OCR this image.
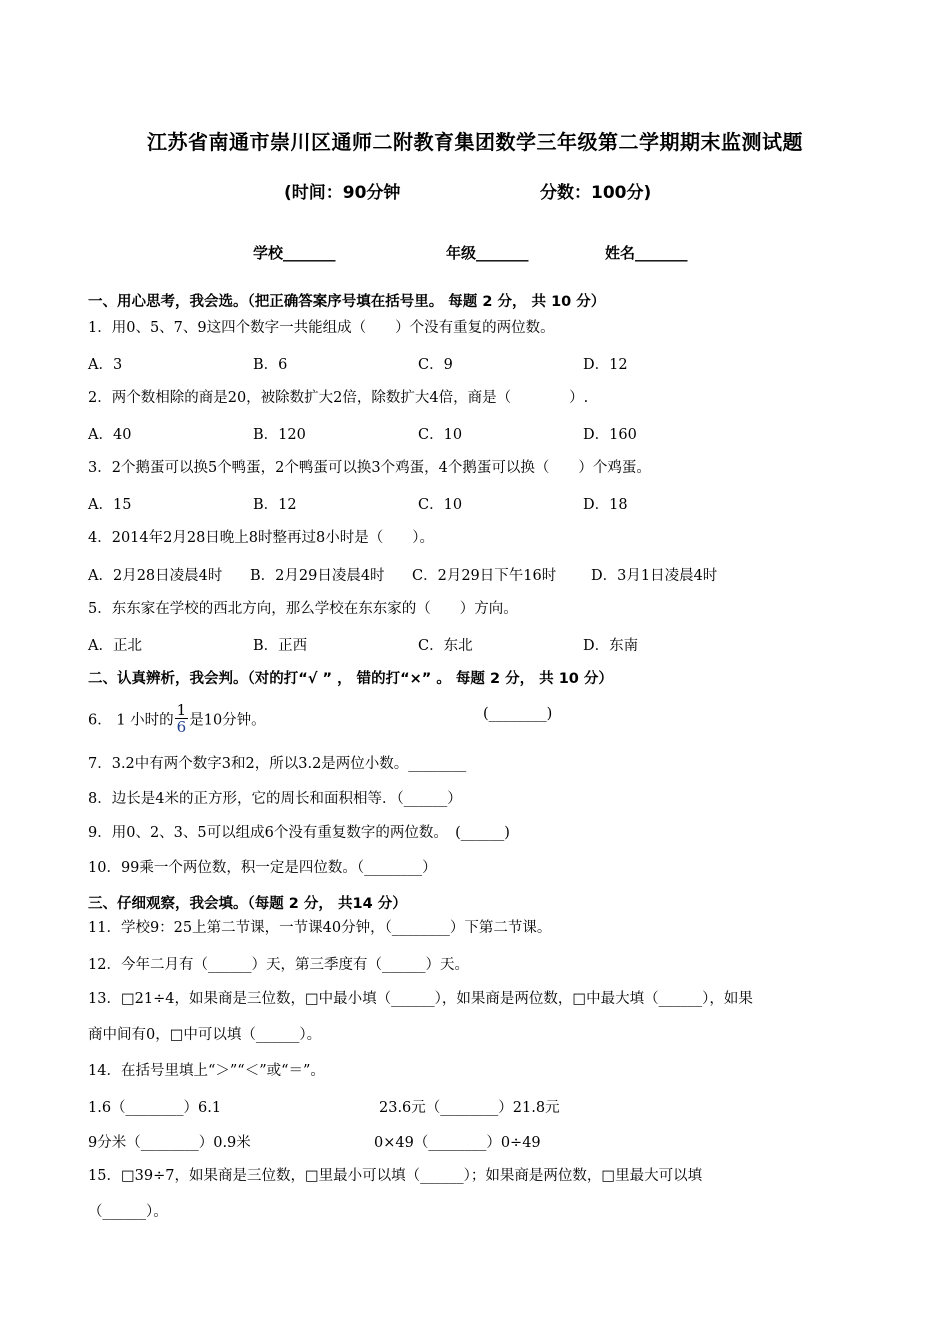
江苏省南通市崇川区通师二附教育集团数学三年级第二学期期末监测试题
(时间：90分钟	分数：100分)
学校_______	年级_______	姓名_______
一、用心思考，我会选。（把正确答案序号填在括号里。 每题 2 分， 共 10 分）
1．用0、5、7、9这四个数字一共能组成（　　）个没有重复的两位数。
A．3	B．6	C．9	D．12
2．两个数相除的商是20，被除数扩大2倍，除数扩大4倍，商是（　　　　）.
A．40	B．120	C．10	D．160
3．2个鹅蛋可以换5个鸭蛋，2个鸭蛋可以换3个鸡蛋，4个鹅蛋可以换（　　）个鸡蛋。
A．15	B．12	C．10	D．18
4．2014年2月28日晚上8时整再过8小时是（　　）。
A．2月28日凌晨4时 B．2月29日凌晨4时 C．2月29日下午16时 D．3月1日凌晨4时
5．东东家在学校的西北方向，那么学校在东东家的（　　）方向。
A．正北	B．正西	C．东北	D．东南
二、认真辨析，我会判。（对的打“√ ” ， 错的打“×” 。 每题 2 分， 共 10 分）
6． 1 小时的 $\frac{1}{6}$ 是10分钟。	(________)
7．3.2中有两个数字3和2，所以3.2是两位小数。________
8．边长是4米的正方形，它的周长和面积相等．（______）
9．用0、2、3、5可以组成6个没有重复数字的两位数。　(______)
10．99乘一个两位数，积一定是四位数。（________）
三、仔细观察，我会填。（每题 2 分， 共14 分）
11．学校9：25上第二节课，一节课40分钟，（________）下第二节课。
12．今年二月有（______）天，第三季度有（______）天。
13．□21÷4，如果商是三位数，□中最小填（______），如果商是两位数，□中最大填（______），如果
商中间有0，□中可以填（______）。
14．在括号里填上“＞”“＜”或“＝”。
1.6（________）6.1	23.6元（________）21.8元
9分米（________）0.9米	0×49（________）0÷49
15．□39÷7，如果商是三位数，□里最小可以填（______）；如果商是两位数，□里最大可以填
（______）。
